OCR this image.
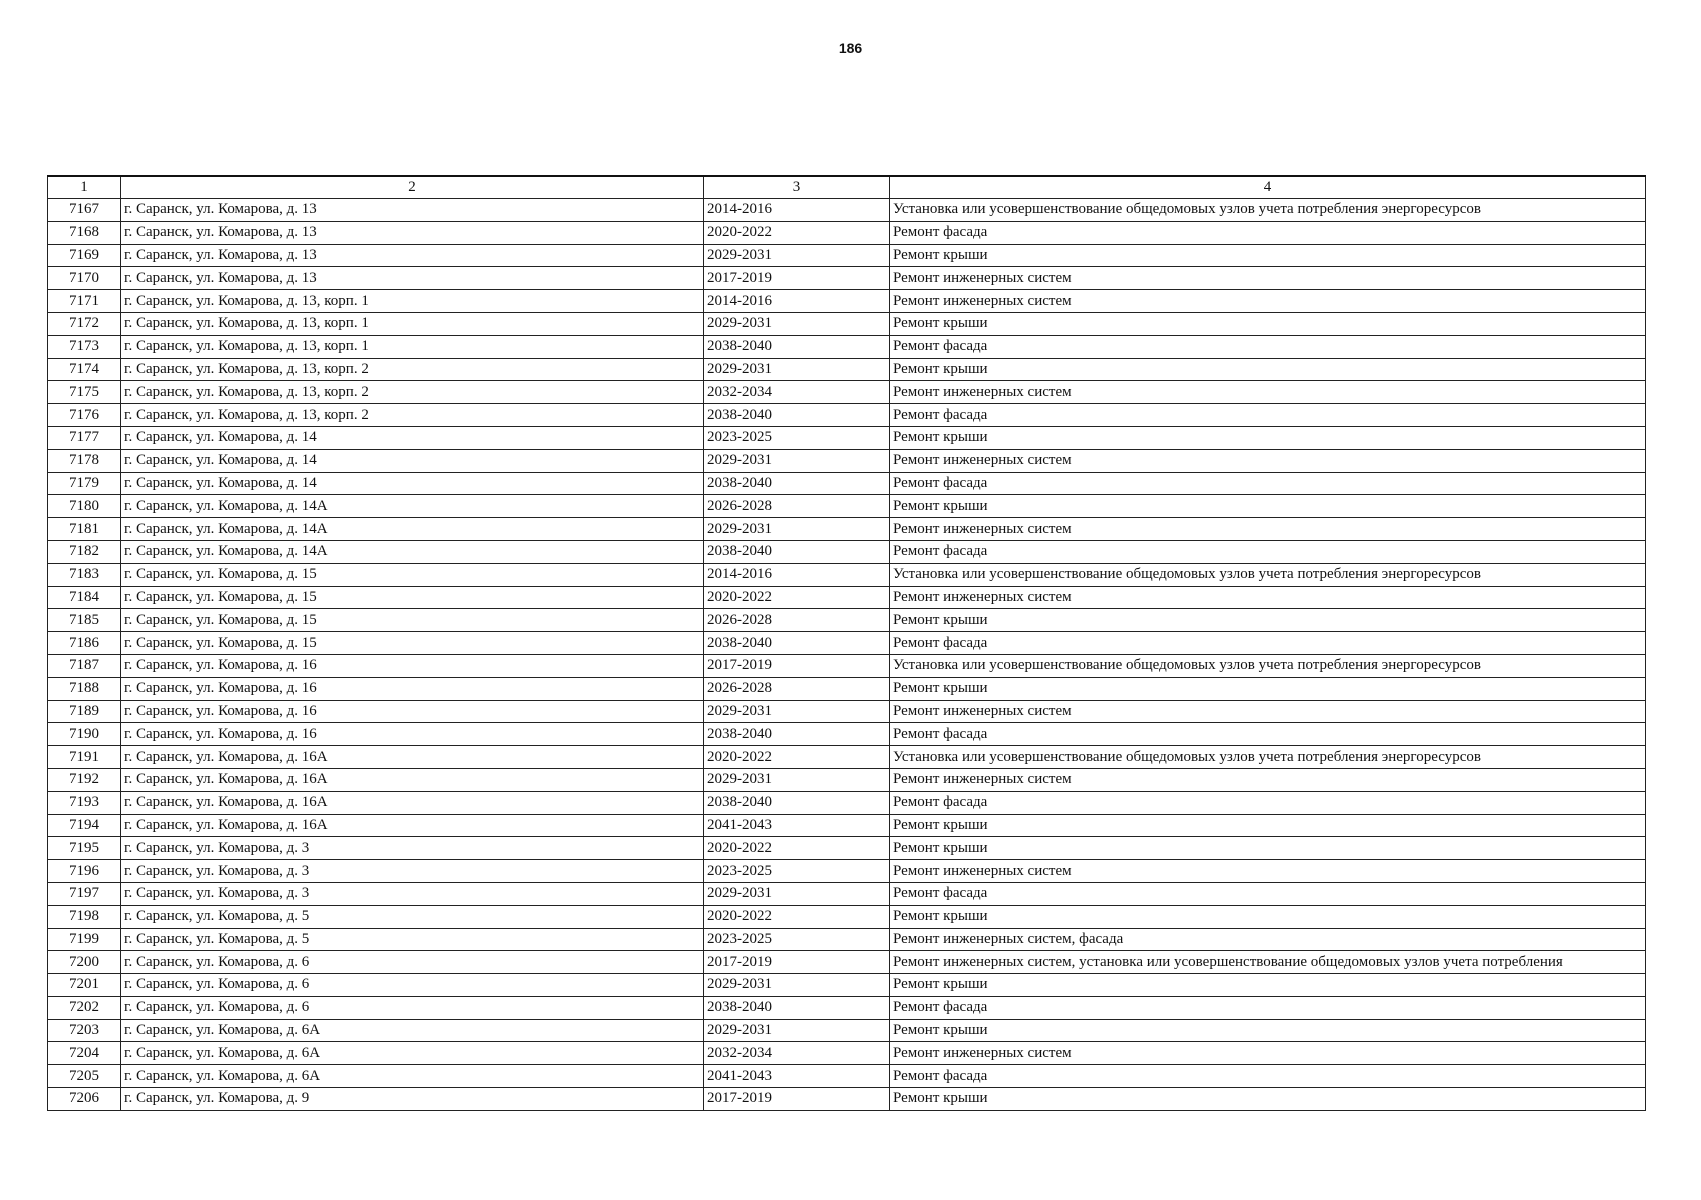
186
1	2	3	4
7167	г. Саранск, ул. Комарова, д. 13	2014-2016	Установка или усовершенствование общедомовых узлов учета потребления энергоресурсов
7168	г. Саранск, ул. Комарова, д. 13	2020-2022	Ремонт фасада
7169	г. Саранск, ул. Комарова, д. 13	2029-2031	Ремонт крыши
7170	г. Саранск, ул. Комарова, д. 13	2017-2019	Ремонт инженерных систем
7171	г. Саранск, ул. Комарова, д. 13, корп. 1	2014-2016	Ремонт инженерных систем
7172	г. Саранск, ул. Комарова, д. 13, корп. 1	2029-2031	Ремонт крыши
7173	г. Саранск, ул. Комарова, д. 13, корп. 1	2038-2040	Ремонт фасада
7174	г. Саранск, ул. Комарова, д. 13, корп. 2	2029-2031	Ремонт крыши
7175	г. Саранск, ул. Комарова, д. 13, корп. 2	2032-2034	Ремонт инженерных систем
7176	г. Саранск, ул. Комарова, д. 13, корп. 2	2038-2040	Ремонт фасада
7177	г. Саранск, ул. Комарова, д. 14	2023-2025	Ремонт крыши
7178	г. Саранск, ул. Комарова, д. 14	2029-2031	Ремонт инженерных систем
7179	г. Саранск, ул. Комарова, д. 14	2038-2040	Ремонт фасада
7180	г. Саранск, ул. Комарова, д. 14А	2026-2028	Ремонт крыши
7181	г. Саранск, ул. Комарова, д. 14А	2029-2031	Ремонт инженерных систем
7182	г. Саранск, ул. Комарова, д. 14А	2038-2040	Ремонт фасада
7183	г. Саранск, ул. Комарова, д. 15	2014-2016	Установка или усовершенствование общедомовых узлов учета потребления энергоресурсов
7184	г. Саранск, ул. Комарова, д. 15	2020-2022	Ремонт инженерных систем
7185	г. Саранск, ул. Комарова, д. 15	2026-2028	Ремонт крыши
7186	г. Саранск, ул. Комарова, д. 15	2038-2040	Ремонт фасада
7187	г. Саранск, ул. Комарова, д. 16	2017-2019	Установка или усовершенствование общедомовых узлов учета потребления энергоресурсов
7188	г. Саранск, ул. Комарова, д. 16	2026-2028	Ремонт крыши
7189	г. Саранск, ул. Комарова, д. 16	2029-2031	Ремонт инженерных систем
7190	г. Саранск, ул. Комарова, д. 16	2038-2040	Ремонт фасада
7191	г. Саранск, ул. Комарова, д. 16А	2020-2022	Установка или усовершенствование общедомовых узлов учета потребления энергоресурсов
7192	г. Саранск, ул. Комарова, д. 16А	2029-2031	Ремонт инженерных систем
7193	г. Саранск, ул. Комарова, д. 16А	2038-2040	Ремонт фасада
7194	г. Саранск, ул. Комарова, д. 16А	2041-2043	Ремонт крыши
7195	г. Саранск, ул. Комарова, д. 3	2020-2022	Ремонт крыши
7196	г. Саранск, ул. Комарова, д. 3	2023-2025	Ремонт инженерных систем
7197	г. Саранск, ул. Комарова, д. 3	2029-2031	Ремонт фасада
7198	г. Саранск, ул. Комарова, д. 5	2020-2022	Ремонт крыши
7199	г. Саранск, ул. Комарова, д. 5	2023-2025	Ремонт инженерных систем, фасада
7200	г. Саранск, ул. Комарова, д. 6	2017-2019	Ремонт инженерных систем, установка или усовершенствование общедомовых узлов учета потребления
7201	г. Саранск, ул. Комарова, д. 6	2029-2031	Ремонт крыши
7202	г. Саранск, ул. Комарова, д. 6	2038-2040	Ремонт фасада
7203	г. Саранск, ул. Комарова, д. 6А	2029-2031	Ремонт крыши
7204	г. Саранск, ул. Комарова, д. 6А	2032-2034	Ремонт инженерных систем
7205	г. Саранск, ул. Комарова, д. 6А	2041-2043	Ремонт фасада
7206	г. Саранск, ул. Комарова, д. 9	2017-2019	Ремонт крыши
